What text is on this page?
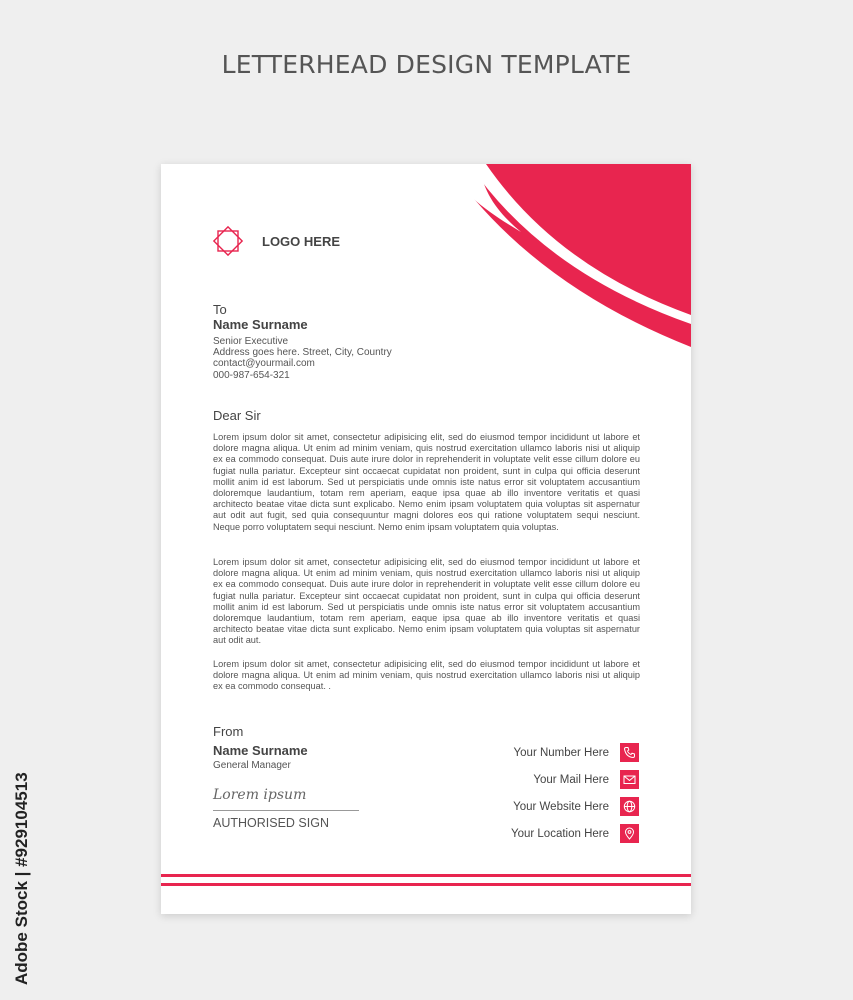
LETTERHEAD DESIGN TEMPLATE
Adobe Stock | #929104513
LOGO HERE
To
Name Surname
Senior Executive
Address goes here. Street, City, Country
contact@yourmail.com
000-987-654-321
Dear Sir

Lorem ipsum dolor sit amet, consectetur adipisicing elit, sed do eiusmod tempor incididunt ut labore et dolore magna aliqua. Ut enim ad minim veniam, quis nostrud exercitation ullamco laboris nisi ut aliquip ex ea commodo consequat. Duis aute irure dolor in reprehenderit in voluptate velit esse cillum dolore eu fugiat nulla pariatur. Excepteur sint occaecat cupidatat non proident, sunt in culpa qui officia deserunt mollit anim id est laborum. Sed ut perspiciatis unde omnis iste natus error sit voluptatem accusantium doloremque laudantium, totam rem aperiam, eaque ipsa quae ab illo inventore veritatis et quasi architecto beatae vitae dicta sunt explicabo. Nemo enim ipsam voluptatem quia voluptas sit aspernatur aut odit aut fugit, sed quia consequuntur magni dolores eos qui ratione voluptatem sequi nesciunt. Neque porro voluptatem sequi nesciunt. Nemo enim ipsam voluptatem quia voluptas.

Lorem ipsum dolor sit amet, consectetur adipisicing elit, sed do eiusmod tempor incididunt ut labore et dolore magna aliqua. Ut enim ad minim veniam, quis nostrud exercitation ullamco laboris nisi ut aliquip ex ea commodo consequat. Duis aute irure dolor in reprehenderit in voluptate velit esse cillum dolore eu fugiat nulla pariatur. Excepteur sint occaecat cupidatat non proident, sunt in culpa qui officia deserunt mollit anim id est laborum. Sed ut perspiciatis unde omnis iste natus error sit voluptatem accusantium doloremque laudantium, totam rem aperiam, eaque ipsa quae ab illo inventore veritatis et quasi architecto beatae vitae dicta sunt explicabo. Nemo enim ipsam voluptatem quia voluptas sit aspernatur aut odit aut.

Lorem ipsum dolor sit amet, consectetur adipisicing elit, sed do eiusmod tempor incididunt ut labore et dolore magna aliqua. Ut enim ad minim veniam, quis nostrud exercitation ullamco laboris nisi ut aliquip ex ea commodo consequat. .

From
Name Surname
General Manager
Lorem ipsum
AUTHORISED SIGN
Your Number Here
Your Mail Here
Your Website Here
Your Location Here
